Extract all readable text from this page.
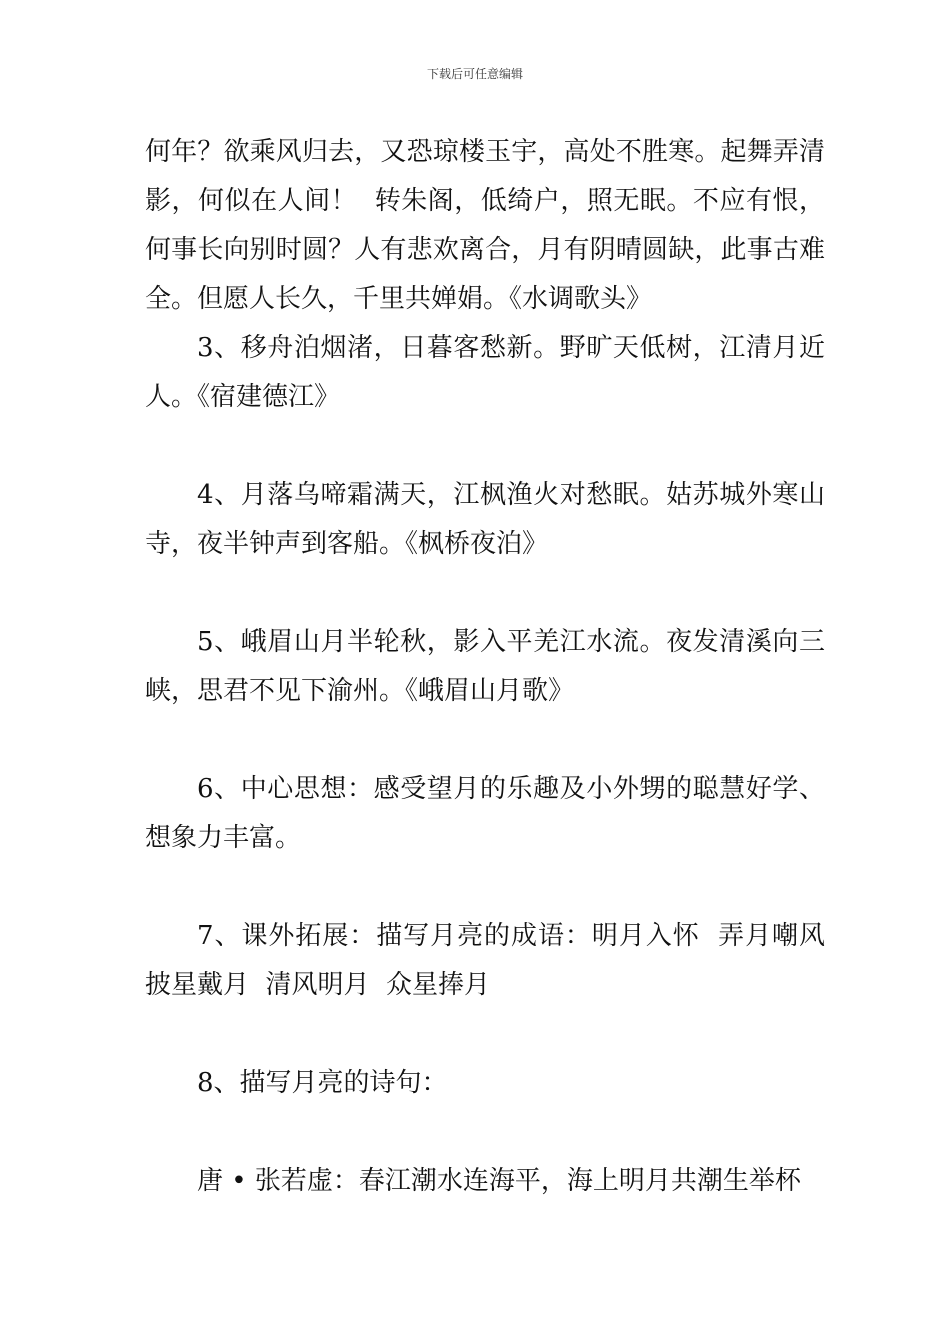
下载后可任意编辑

何年？欲乘风归去，又恐琼楼玉宇，高处不胜寒。起舞弄清影，何似在人间！  转朱阁，低绮户，照无眠。不应有恨，何事长向别时圆？人有悲欢离合，月有阴晴圆缺，此事古难全。但愿人长久，千里共婵娟。《水调歌头》

3、移舟泊烟渚，日暮客愁新。野旷天低树，江清月近人。《宿建德江》

4、月落乌啼霜满天，江枫渔火对愁眠。姑苏城外寒山寺，夜半钟声到客船。《枫桥夜泊》

5、峨眉山月半轮秋，影入平羌江水流。夜发清溪向三峡，思君不见下渝州。《峨眉山月歌》

6、中心思想：感受望月的乐趣及小外甥的聪慧好学、想象力丰富。

7、课外拓展：描写月亮的成语：明月入怀  弄月嘲风披星戴月  清风明月  众星捧月

8、描写月亮的诗句：

唐 • 张若虚：春江潮水连海平，海上明月共潮生举杯
